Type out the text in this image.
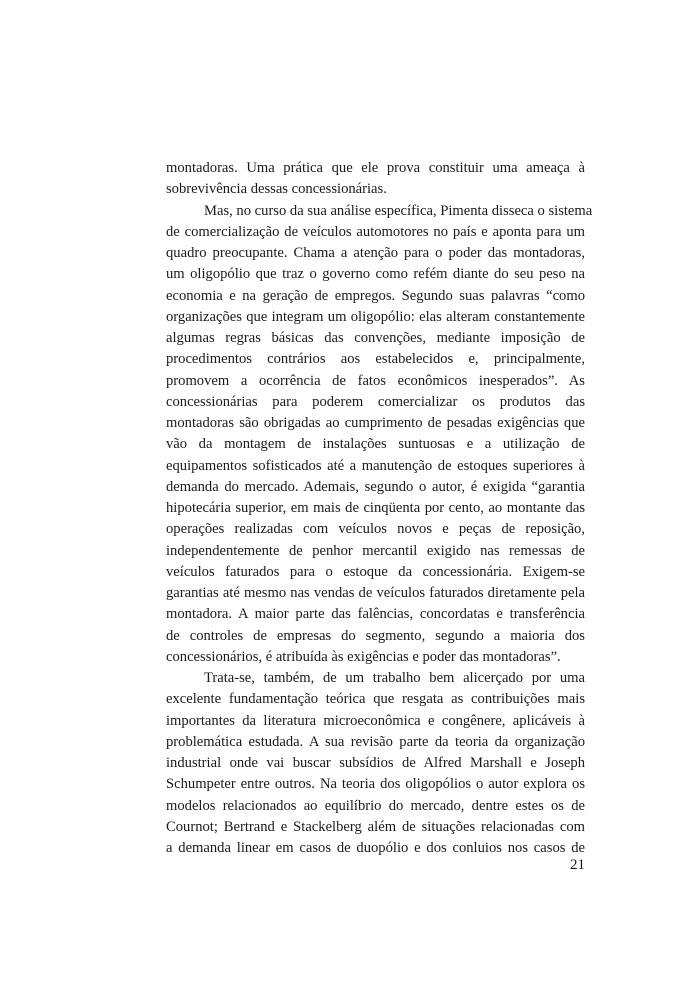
montadoras. Uma prática que ele prova constituir uma ameaça à
sobrevivência dessas concessionárias.
Mas, no curso da sua análise específica, Pimenta disseca o sistema
de comercialização de veículos automotores no país e aponta para um
quadro preocupante. Chama a atenção para o poder das montadoras,
um oligopólio que traz o governo como refém diante do seu peso na
economia e na geração de empregos. Segundo suas palavras “como
organizações que integram um oligopólio: elas alteram constantemente
algumas regras básicas das convenções, mediante imposição de
procedimentos contrários aos estabelecidos e, principalmente,
promovem a ocorrência de fatos econômicos inesperados”. As
concessionárias para poderem comercializar os produtos das
montadoras são obrigadas ao cumprimento de pesadas exigências que
vão da montagem de instalações suntuosas e a utilização de
equipamentos sofisticados até a manutenção de estoques superiores à
demanda do mercado. Ademais, segundo o autor, é exigida “garantia
hipotecária superior, em mais de cinqüenta por cento, ao montante das
operações realizadas com veículos novos e peças de reposição,
independentemente de penhor mercantil exigido nas remessas de
veículos faturados para o estoque da concessionária. Exigem-se
garantias até mesmo nas vendas de veículos faturados diretamente pela
montadora. A maior parte das falências, concordatas e transferência
de controles de empresas do segmento, segundo a maioria dos
concessionários, é atribuída às exigências e poder das montadoras”.
Trata-se, também, de um trabalho bem alicerçado por uma
excelente fundamentação teórica que resgata as contribuições mais
importantes da literatura microeconômica e congênere, aplicáveis à
problemática estudada. A sua revisão parte da teoria da organização
industrial onde vai buscar subsídios de Alfred Marshall e Joseph
Schumpeter entre outros. Na teoria dos oligopólios o autor explora os
modelos relacionados ao equilíbrio do mercado, dentre estes os de
Cournot; Bertrand e Stackelberg além de situações relacionadas com
a demanda linear em casos de duopólio e dos conluios nos casos de
21
